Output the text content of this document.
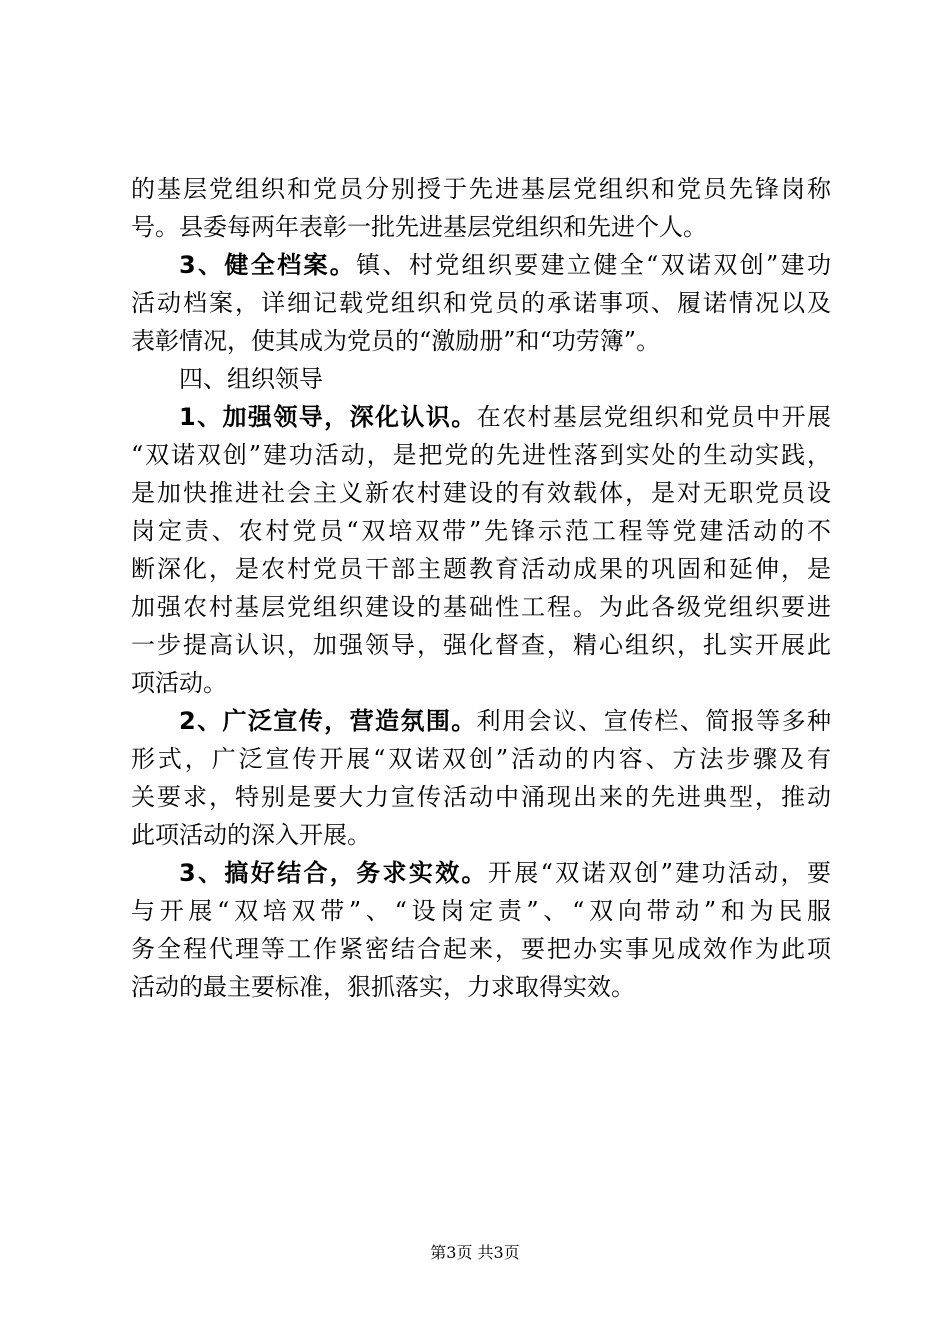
的基层党组织和党员分别授于先进基层党组织和党员先锋岗称
号。县委每两年表彰一批先进基层党组织和先进个人。
3、健全档案。镇、村党组织要建立健全“双诺双创”建功
活动档案，详细记载党组织和党员的承诺事项、履诺情况以及
表彰情况，使其成为党员的“激励册”和“功劳簿”。
四、组织领导
1、加强领导，深化认识。在农村基层党组织和党员中开展
“双诺双创”建功活动，是把党的先进性落到实处的生动实践，
是加快推进社会主义新农村建设的有效载体，是对无职党员设
岗定责、农村党员“双培双带”先锋示范工程等党建活动的不
断深化，是农村党员干部主题教育活动成果的巩固和延伸，是
加强农村基层党组织建设的基础性工程。为此各级党组织要进
一步提高认识，加强领导，强化督查，精心组织，扎实开展此
项活动。
2、广泛宣传，营造氛围。利用会议、宣传栏、简报等多种
形式，广泛宣传开展“双诺双创”活动的内容、方法步骤及有
关要求，特别是要大力宣传活动中涌现出来的先进典型，推动
此项活动的深入开展。
3、搞好结合，务求实效。开展“双诺双创”建功活动，要
与开展“双培双带”、“设岗定责”、“双向带动”和为民服
务全程代理等工作紧密结合起来，要把办实事见成效作为此项
活动的最主要标准，狠抓落实，力求取得实效。
第3页 共3页
